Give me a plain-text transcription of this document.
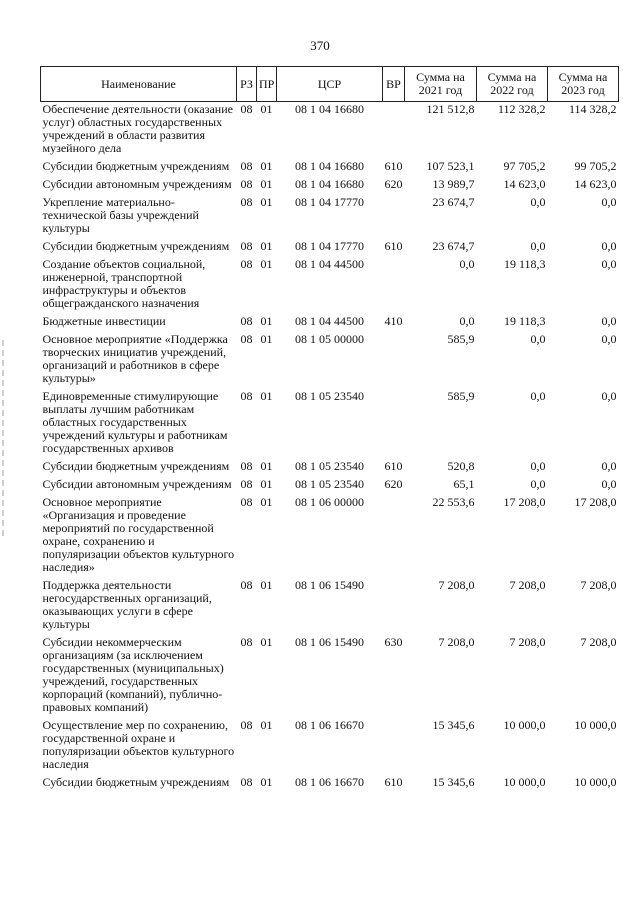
370
Наименование	РЗ	ПР	ЦСР	ВР	Сумма на 2021 год	Сумма на 2022 год	Сумма на 2023 год
Обеспечение деятельности (оказание услуг) областных государственных учреждений в области развития музейного дела	08	01	08 1 04 16680		121 512,8	112 328,2	114 328,2
Субсидии бюджетным учреждениям	08	01	08 1 04 16680	610	107 523,1	97 705,2	99 705,2
Субсидии автономным учреждениям	08	01	08 1 04 16680	620	13 989,7	14 623,0	14 623,0
Укрепление материально-технической базы учреждений культуры	08	01	08 1 04 17770		23 674,7	0,0	0,0
Субсидии бюджетным учреждениям	08	01	08 1 04 17770	610	23 674,7	0,0	0,0
Создание объектов социальной, инженерной, транспортной инфраструктуры и объектов общегражданского назначения	08	01	08 1 04 44500		0,0	19 118,3	0,0
Бюджетные инвестиции	08	01	08 1 04 44500	410	0,0	19 118,3	0,0
Основное мероприятие «Поддержка творческих инициатив учреждений, организаций и работников в сфере культуры»	08	01	08 1 05 00000		585,9	0,0	0,0
Единовременные стимулирующие выплаты лучшим работникам областных государственных учреждений культуры и работникам государственных архивов	08	01	08 1 05 23540		585,9	0,0	0,0
Субсидии бюджетным учреждениям	08	01	08 1 05 23540	610	520,8	0,0	0,0
Субсидии автономным учреждениям	08	01	08 1 05 23540	620	65,1	0,0	0,0
Основное мероприятие «Организация и проведение мероприятий по государственной охране, сохранению и популяризации объектов культурного наследия»	08	01	08 1 06 00000		22 553,6	17 208,0	17 208,0
Поддержка деятельности негосударственных организаций, оказывающих услуги в сфере культуры	08	01	08 1 06 15490		7 208,0	7 208,0	7 208,0
Субсидии некоммерческим организациям (за исключением государственных (муниципальных) учреждений, государственных корпораций (компаний), публично-правовых компаний)	08	01	08 1 06 15490	630	7 208,0	7 208,0	7 208,0
Осуществление мер по сохранению, государственной охране и популяризации объектов культурного наследия	08	01	08 1 06 16670		15 345,6	10 000,0	10 000,0
Субсидии бюджетным учреждениям	08	01	08 1 06 16670	610	15 345,6	10 000,0	10 000,0
